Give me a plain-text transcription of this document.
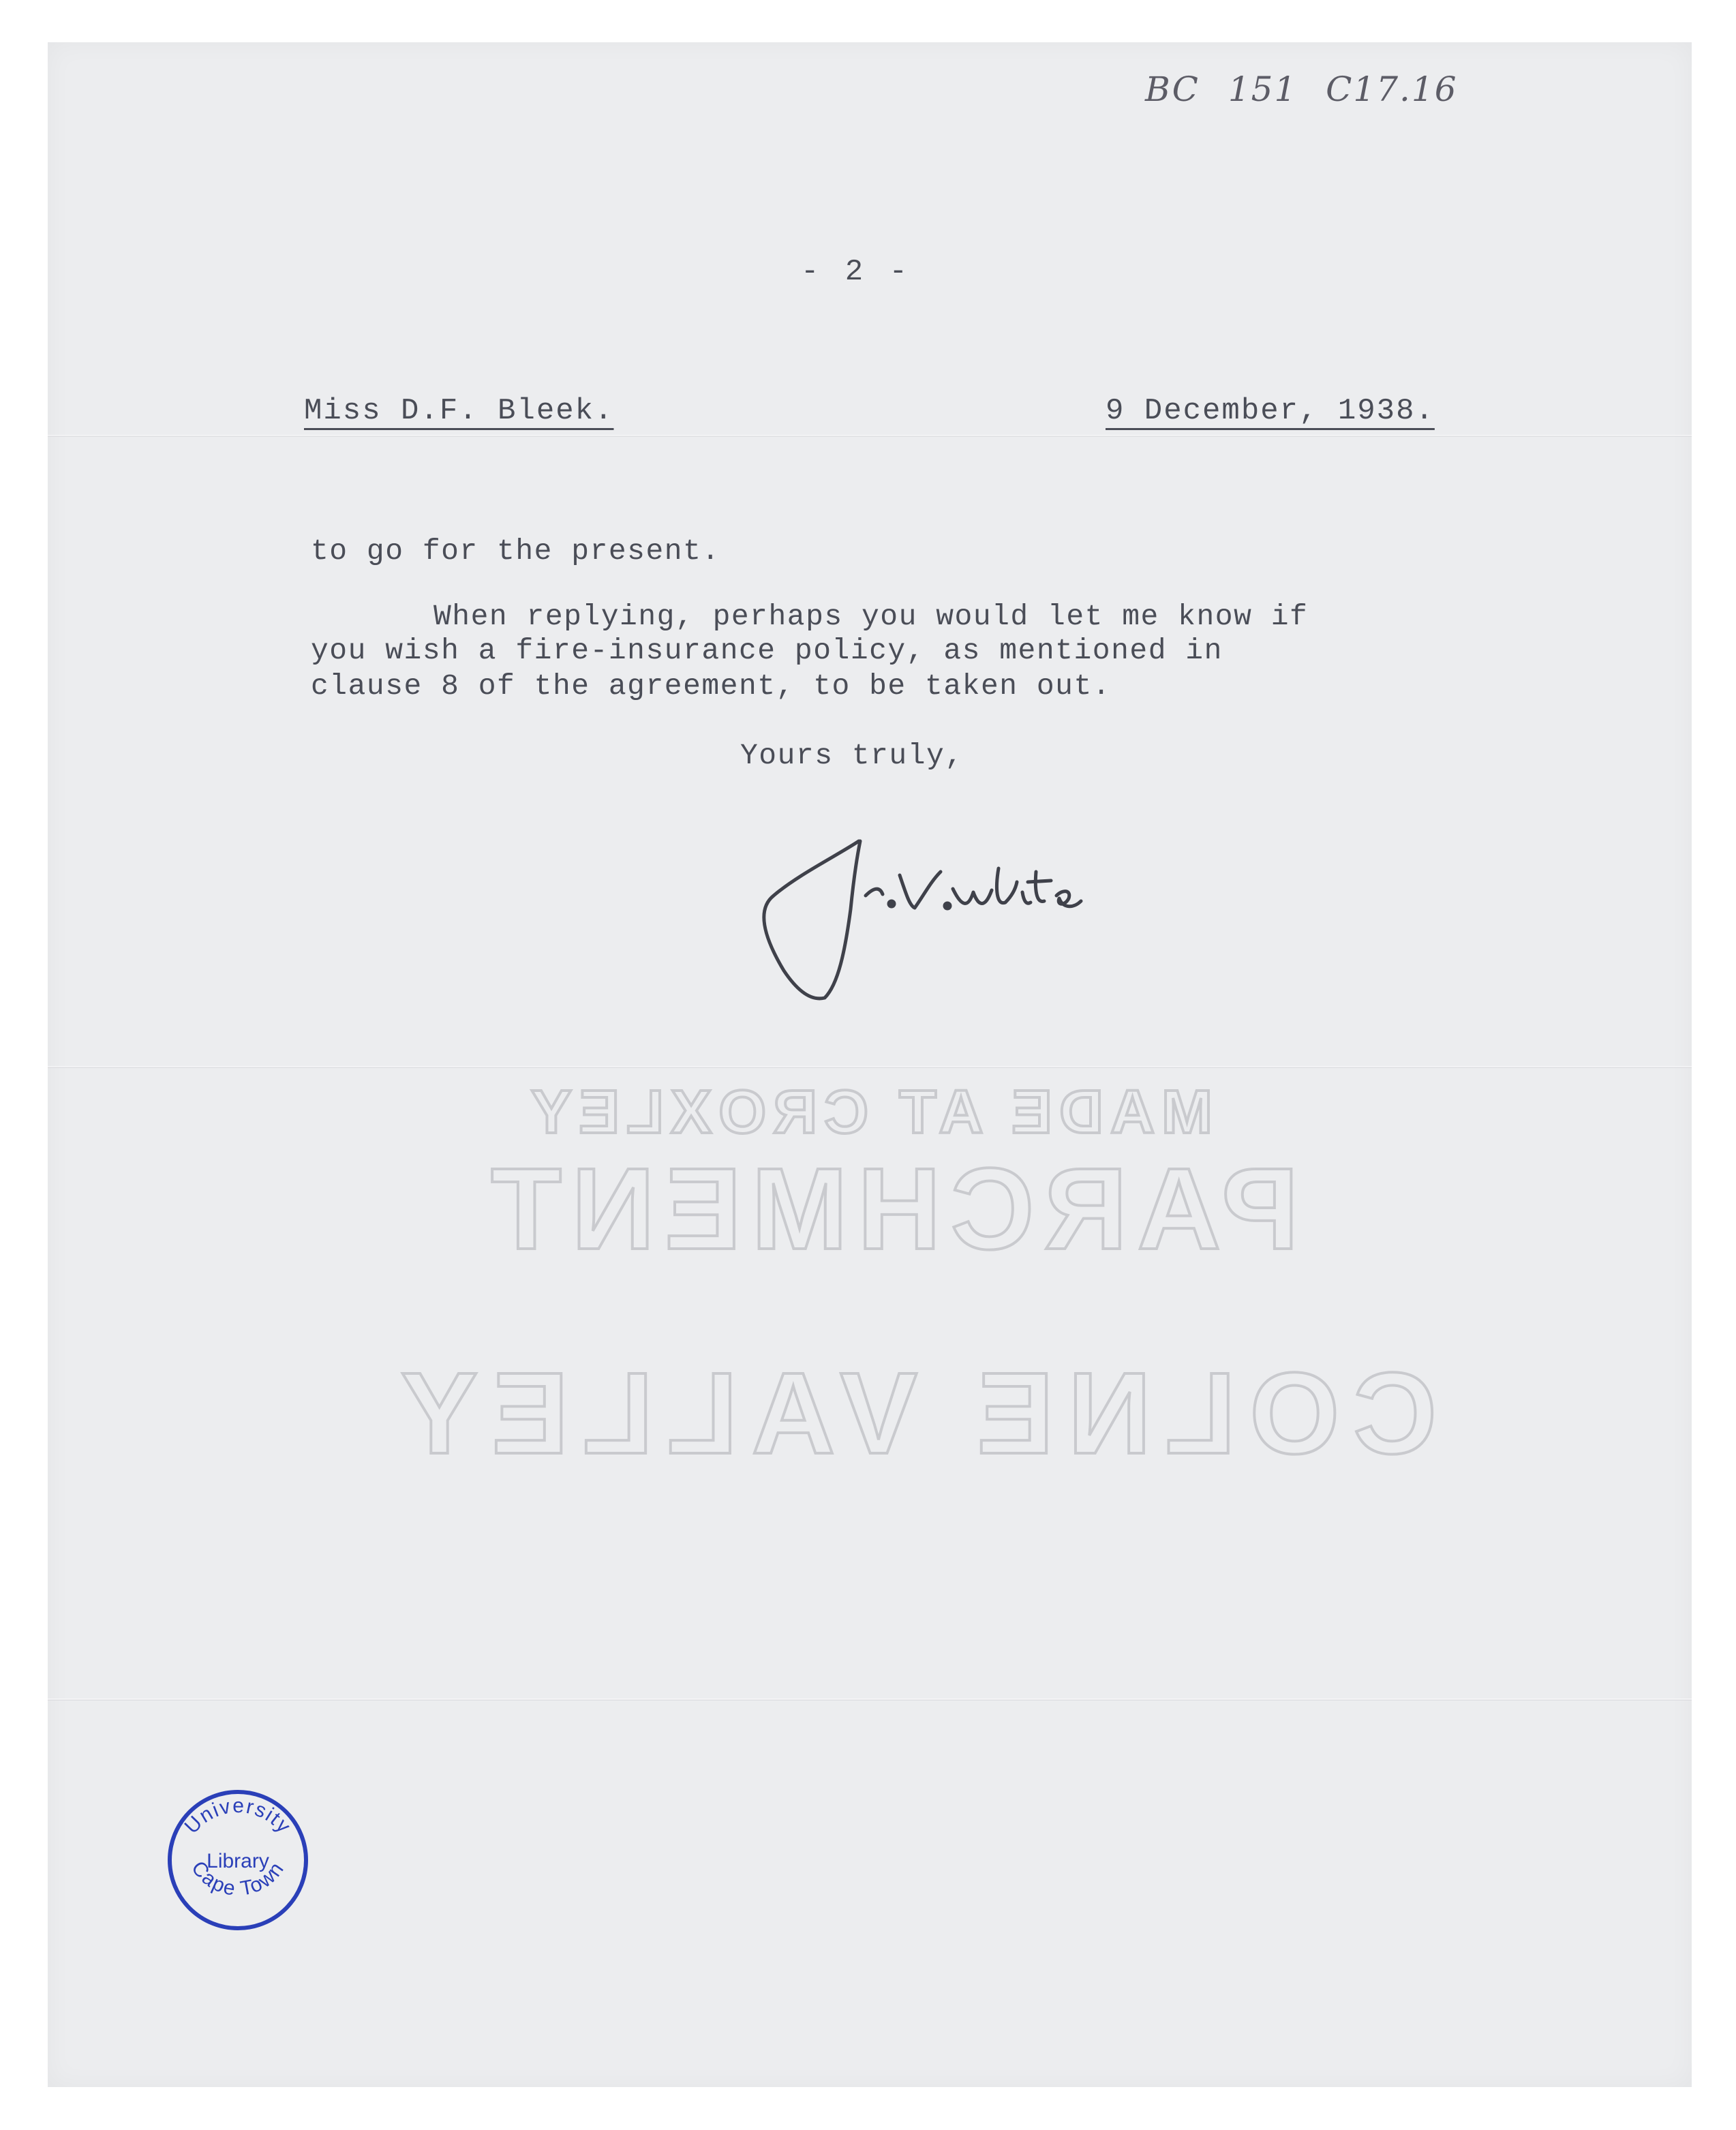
MADE AT CROXLEY
PARCHMENT
COLNE VALLEY
BC 151 C17.16
- 2 -
Miss D.F. Bleek.	9 December, 1938.
to go for the present.
When replying, perhaps you would let me know if
you wish a fire-insurance policy, as mentioned in
clause 8 of the agreement, to be taken out.
Yours truly,
University
Library
Cape Town
